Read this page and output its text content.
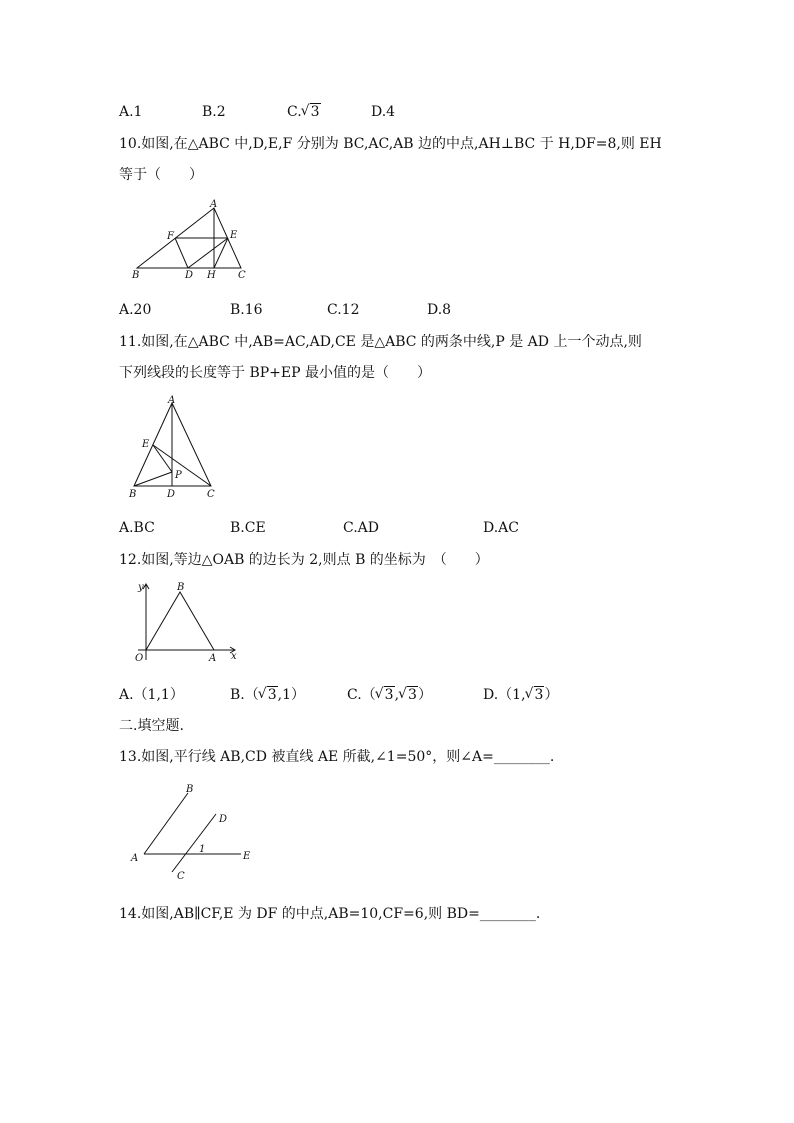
A.1	B.2	C. √ 3	D.4
10.如图,在△ABC 中,D,E,F 分别为 BC,AC,AB 边的中点,AH⊥BC 于 H,DF=8,则 EH
等于（　　）
A
F	E
B	D H C
A.20	B.16	C.12	D.8
11.如图,在△ABC 中,AB=AC,AD,CE 是△ABC 的两条中线,P 是 AD 上一个动点,则
下列线段的长度等于 BP+EP 最小值的是（　　）
A
E
P
B	D	C
A.BC	B.CE	C.AD	D.AC
12.如图,等边△OAB 的边长为 2,则点 B 的坐标为　（　　）
y	B
O	A x
A.（1,1）	B.（ √ 3,1）	C.（ √ 3, √ 3）	D.（1, √ 3）
二.填空题.
13.如图,平行线 AB,CD 被直线 AE 所截,∠1=50°，则∠A=________.
B
D
1
A	E
C
14.如图,AB∥CF,E 为 DF 的中点,AB=10,CF=6,则 BD=________.
